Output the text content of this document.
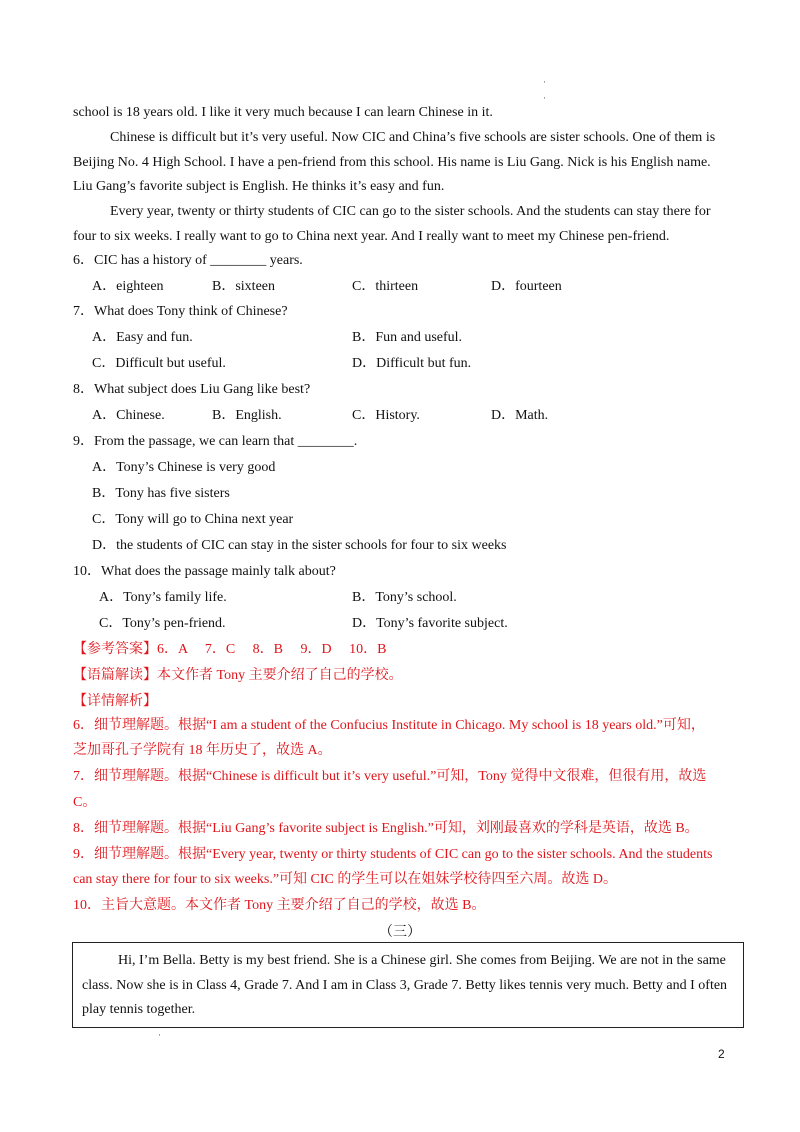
·
·
school is 18 years old. I like it very much because I can learn Chinese in it.
Chinese is difficult but it’s very useful. Now CIC and China’s five schools are sister schools. One of them is
Beijing No. 4 High School. I have a pen-friend from this school. His name is Liu Gang. Nick is his English name.
Liu Gang’s favorite subject is English. He thinks it’s easy and fun.
Every year, twenty or thirty students of CIC can go to the sister schools. And the students can stay there for
four to six weeks. I really want to go to China next year. And I really want to meet my Chinese pen-friend.
6．CIC has a history of ________ years.
A．eighteen	B．sixteen	C．thirteen	D．fourteen
7．What does Tony think of Chinese?
A．Easy and fun.	B．Fun and useful.
C．Difficult but useful.	D．Difficult but fun.
8．What subject does Liu Gang like best?
A．Chinese.	B．English.	C．History.	D．Math.
9．From the passage, we can learn that ________.
A．Tony’s Chinese is very good
B．Tony has five sisters
C．Tony will go to China next year
D．the students of CIC can stay in the sister schools for four to six weeks
10．What does the passage mainly talk about?
A．Tony’s family life.	B．Tony’s school.
C．Tony’s pen-friend.	D．Tony’s favorite subject.
【参考答案】6．A　 7．C　 8．B　 9．D　 10．B
【语篇解读】本文作者 Tony 主要介绍了自己的学校。
【详情解析】
6．细节理解题。根据“I am a student of the Confucius Institute in Chicago. My school is 18 years old.”可知，
芝加哥孔子学院有 18 年历史了，故选 A。
7．细节理解题。根据“Chinese is difficult but it’s very useful.”可知，Tony 觉得中文很难，但很有用，故选
C。
8．细节理解题。根据“Liu Gang’s favorite subject is English.”可知，刘刚最喜欢的学科是英语，故选 B。
9．细节理解题。根据“Every year, twenty or thirty students of CIC can go to the sister schools. And the students
can stay there for four to six weeks.”可知 CIC 的学生可以在姐妹学校待四至六周。故选 D。
10．主旨大意题。本文作者 Tony 主要介绍了自己的学校，故选 B。
（三）
Hi, I’m Bella. Betty is my best friend. She is a Chinese girl. She comes from Beijing. We are not in the same
class. Now she is in Class 4, Grade 7. And I am in Class 3, Grade 7. Betty likes tennis very much. Betty and I often
play tennis together.
·
2
